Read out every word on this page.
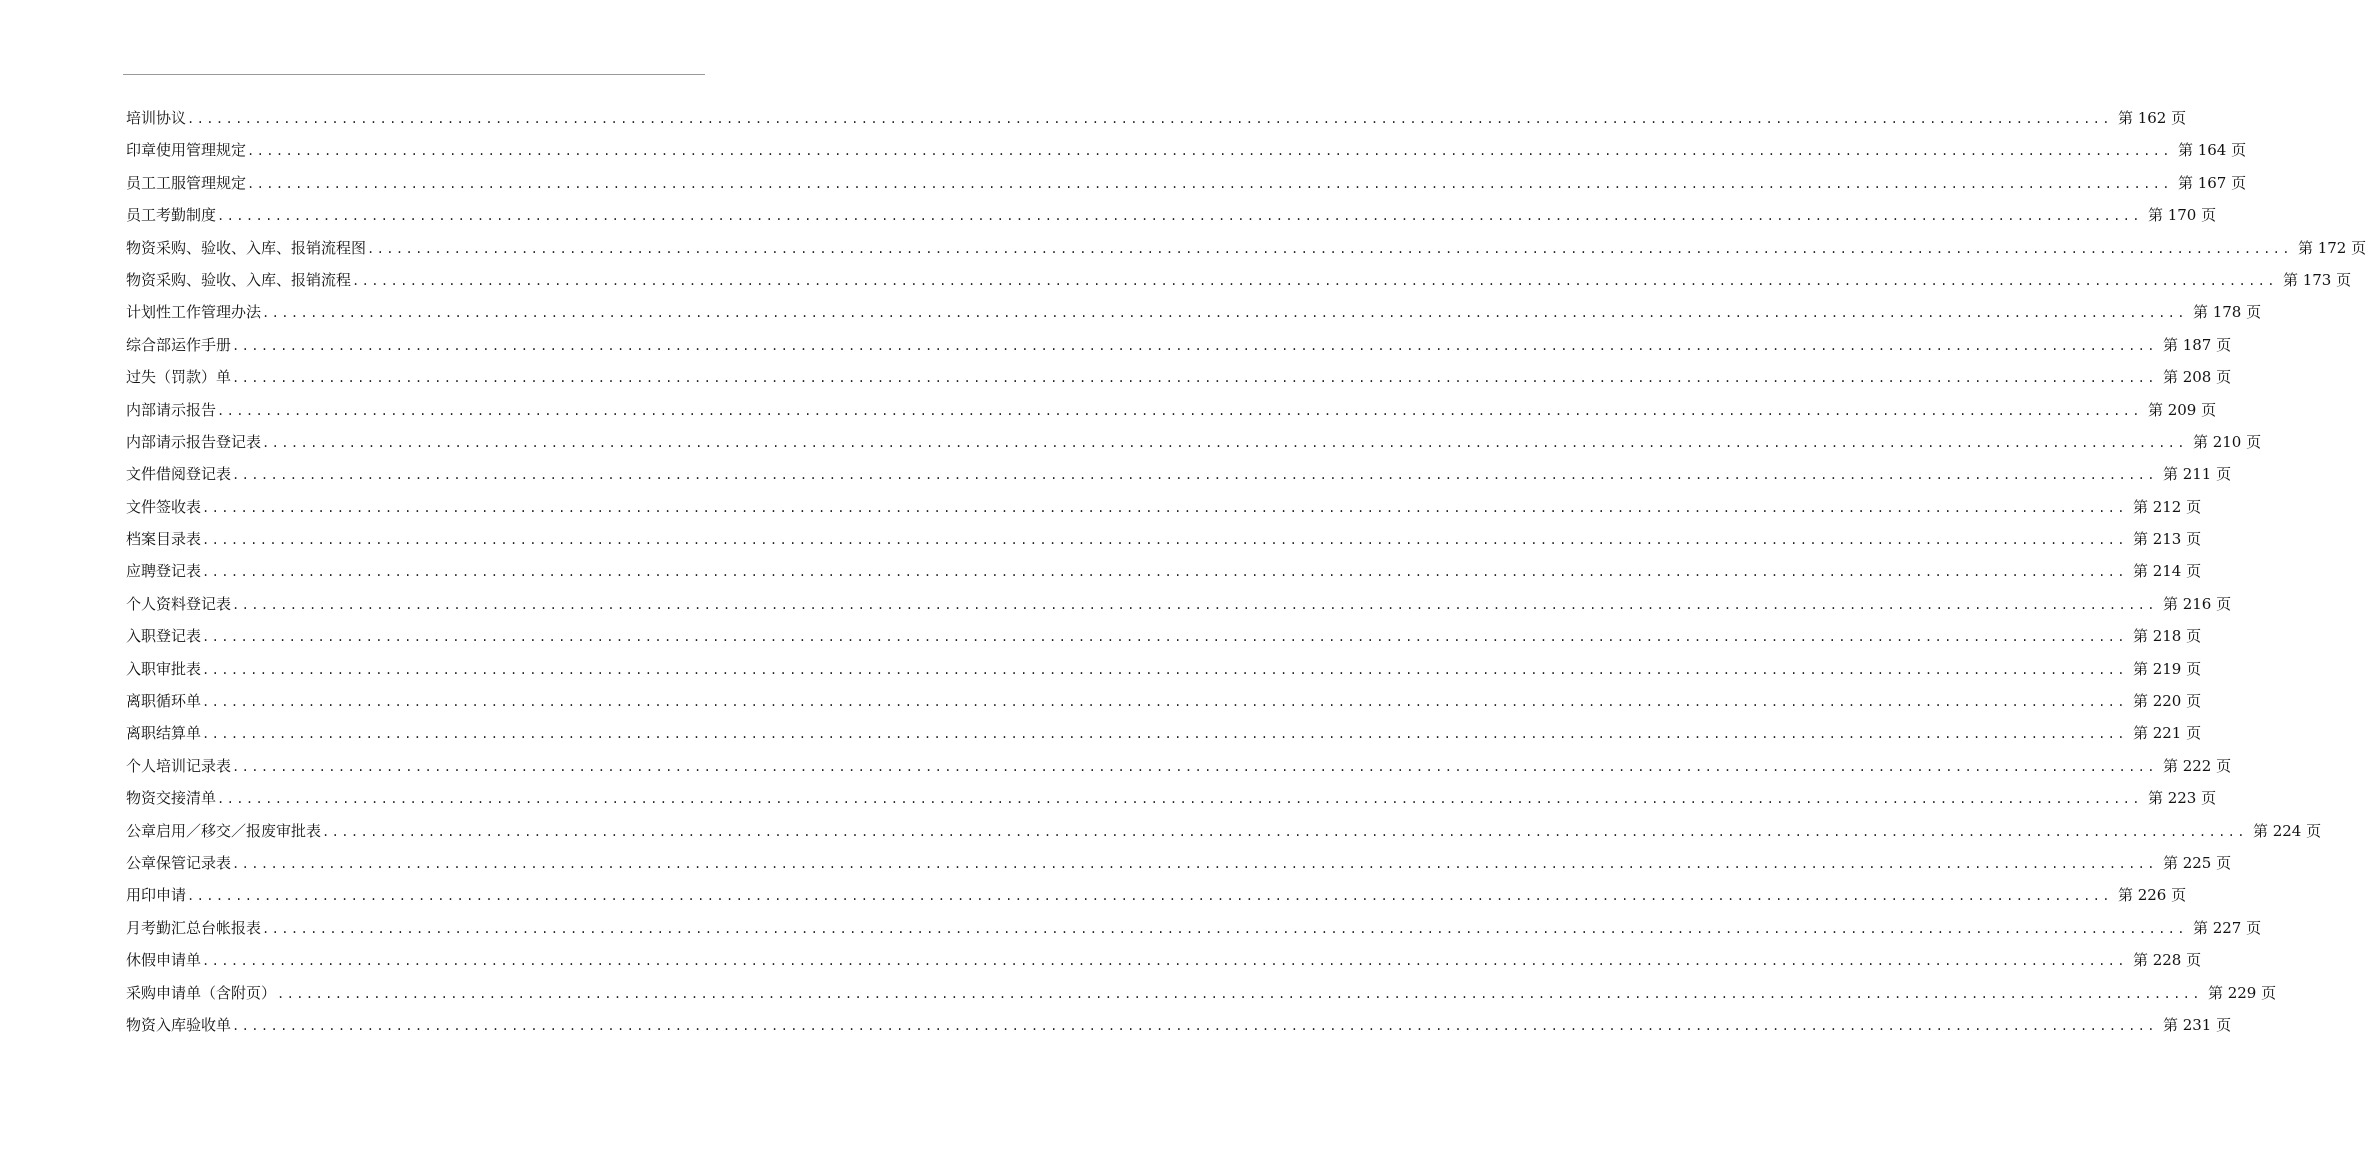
培训协议 ........................................................................................................................................................................................................ 第 162 页
印章使用管理规定 ........................................................................................................................................................................................................ 第 164 页
员工工服管理规定 ........................................................................................................................................................................................................ 第 167 页
员工考勤制度 ........................................................................................................................................................................................................ 第 170 页
物资采购、验收、入库、报销流程图 ........................................................................................................................................................................................................ 第 172 页
物资采购、验收、入库、报销流程 ........................................................................................................................................................................................................ 第 173 页
计划性工作管理办法 ........................................................................................................................................................................................................ 第 178 页
综合部运作手册 ........................................................................................................................................................................................................ 第 187 页
过失（罚款）单 ........................................................................................................................................................................................................ 第 208 页
内部请示报告 ........................................................................................................................................................................................................ 第 209 页
内部请示报告登记表 ........................................................................................................................................................................................................ 第 210 页
文件借阅登记表 ........................................................................................................................................................................................................ 第 211 页
文件签收表 ........................................................................................................................................................................................................ 第 212 页
档案目录表 ........................................................................................................................................................................................................ 第 213 页
应聘登记表 ........................................................................................................................................................................................................ 第 214 页
个人资料登记表 ........................................................................................................................................................................................................ 第 216 页
入职登记表 ........................................................................................................................................................................................................ 第 218 页
入职审批表 ........................................................................................................................................................................................................ 第 219 页
离职循环单 ........................................................................................................................................................................................................ 第 220 页
离职结算单 ........................................................................................................................................................................................................ 第 221 页
个人培训记录表 ........................................................................................................................................................................................................ 第 222 页
物资交接清单 ........................................................................................................................................................................................................ 第 223 页
公章启用／移交／报废审批表 ........................................................................................................................................................................................................ 第 224 页
公章保管记录表 ........................................................................................................................................................................................................ 第 225 页
用印申请 ........................................................................................................................................................................................................ 第 226 页
月考勤汇总台帐报表 ........................................................................................................................................................................................................ 第 227 页
休假申请单 ........................................................................................................................................................................................................ 第 228 页
采购申请单（含附页） ........................................................................................................................................................................................................ 第 229 页
物资入库验收单 ........................................................................................................................................................................................................ 第 231 页
